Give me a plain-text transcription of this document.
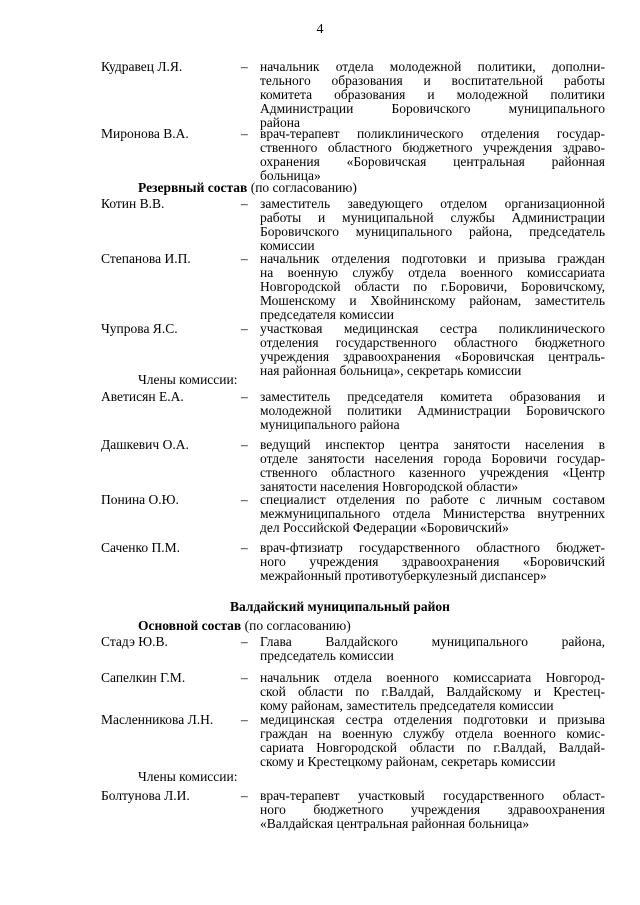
4
Кудравец Л.Я.	– начальник отдела молодежной политики, дополни-
тельного образования и воспитательной работы
комитета образования и молодежной политики
Администрации Боровичского муниципального
района
Миронова В.А.	– врач-терапевт поликлинического отделения государ-
ственного областного бюджетного учреждения здраво-
охранения «Боровичская центральная районная
больница»
Котин В.В.	– заместитель заведующего отделом организационной
работы и муниципальной службы Администрации
Боровичского муниципального района, председатель
комиссии
Степанова И.П.	– начальник отделения подготовки и призыва граждан
на военную службу отдела военного комиссариата
Новгородской области по г.Боровичи, Боровичскому,
Мошенскому и Хвойнинскому районам, заместитель
председателя комиссии
Чупрова Я.С.	– участковая медицинская сестра поликлинического
отделения государственного областного бюджетного
учреждения здравоохранения «Боровичская централь-
ная районная больница», секретарь комиссии
Аветисян Е.А.	– заместитель председателя комитета образования и
молодежной политики Администрации Боровичского
муниципального района
Дашкевич О.А.	– ведущий инспектор центра занятости населения в
отделе занятости населения города Боровичи государ-
ственного областного казенного учреждения «Центр
занятости населения Новгородской области»
Понина О.Ю.	– специалист отделения по работе с личным составом
межмуниципального отдела Министерства внутренних
дел Российской Федерации «Боровичский»
Саченко П.М.	– врач-фтизиатр государственного областного бюджет-
ного учреждения здравоохранения «Боровичский
межрайонный противотуберкулезный диспансер»
Стадэ Ю.В.	– Глава Валдайского муниципального района,
председатель комиссии
Сапелкин Г.М.	– начальник отдела военного комиссариата Новгород-
ской области по г.Валдай, Валдайскому и Крестец-
кому районам, заместитель председателя комиссии
Масленникова Л.Н. – медицинская сестра отделения подготовки и призыва
граждан на военную службу отдела военного комис-
сариата Новгородской области по г.Валдай, Валдай-
скому и Крестецкому районам, секретарь комиссии
Болтунова Л.И.	– врач-терапевт участковый государственного област-
ного бюджетного учреждения здравоохранения
«Валдайская центральная районная больница»
Резервный состав (по согласованию)
Члены комиссии:
Валдайский муниципальный район
Основной состав (по согласованию)
Члены комиссии:
